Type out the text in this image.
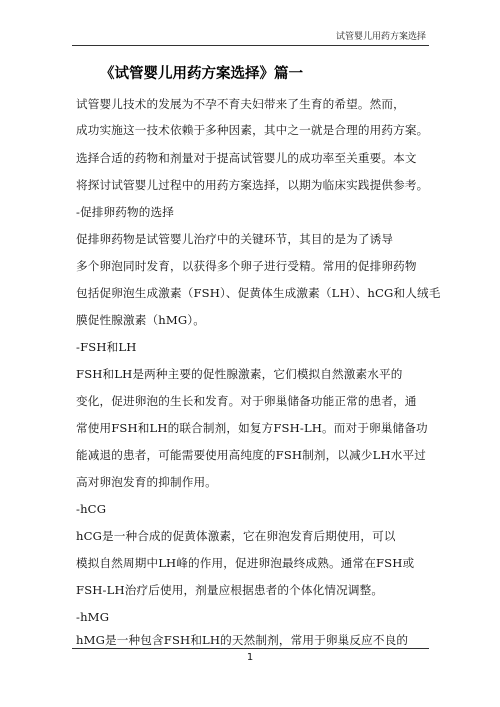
试管婴儿用药方案选择
《试管婴儿用药方案选择》篇一
试管婴儿技术的发展为不孕不育夫妇带来了生育的希望。然而，
成功实施这一技术依赖于多种因素，其中之一就是合理的用药方案。
选择合适的药物和剂量对于提高试管婴儿的成功率至关重要。本文
将探讨试管婴儿过程中的用药方案选择，以期为临床实践提供参考。
-促排卵药物的选择
促排卵药物是试管婴儿治疗中的关键环节，其目的是为了诱导
多个卵泡同时发育，以获得多个卵子进行受精。常用的促排卵药物
包括促卵泡生成激素（FSH）、促黄体生成激素（LH）、hCG和人绒毛
膜促性腺激素（hMG）。
-FSH和LH
FSH和LH是两种主要的促性腺激素，它们模拟自然激素水平的
变化，促进卵泡的生长和发育。对于卵巢储备功能正常的患者，通
常使用FSH和LH的联合制剂，如复方FSH-LH。而对于卵巢储备功
能减退的患者，可能需要使用高纯度的FSH制剂，以减少LH水平过
高对卵泡发育的抑制作用。
-hCG
hCG是一种合成的促黄体激素，它在卵泡发育后期使用，可以
模拟自然周期中LH峰的作用，促进卵泡最终成熟。通常在FSH或
FSH-LH治疗后使用，剂量应根据患者的个体化情况调整。
-hMG
hMG是一种包含FSH和LH的天然制剂，常用于卵巢反应不良的
1
